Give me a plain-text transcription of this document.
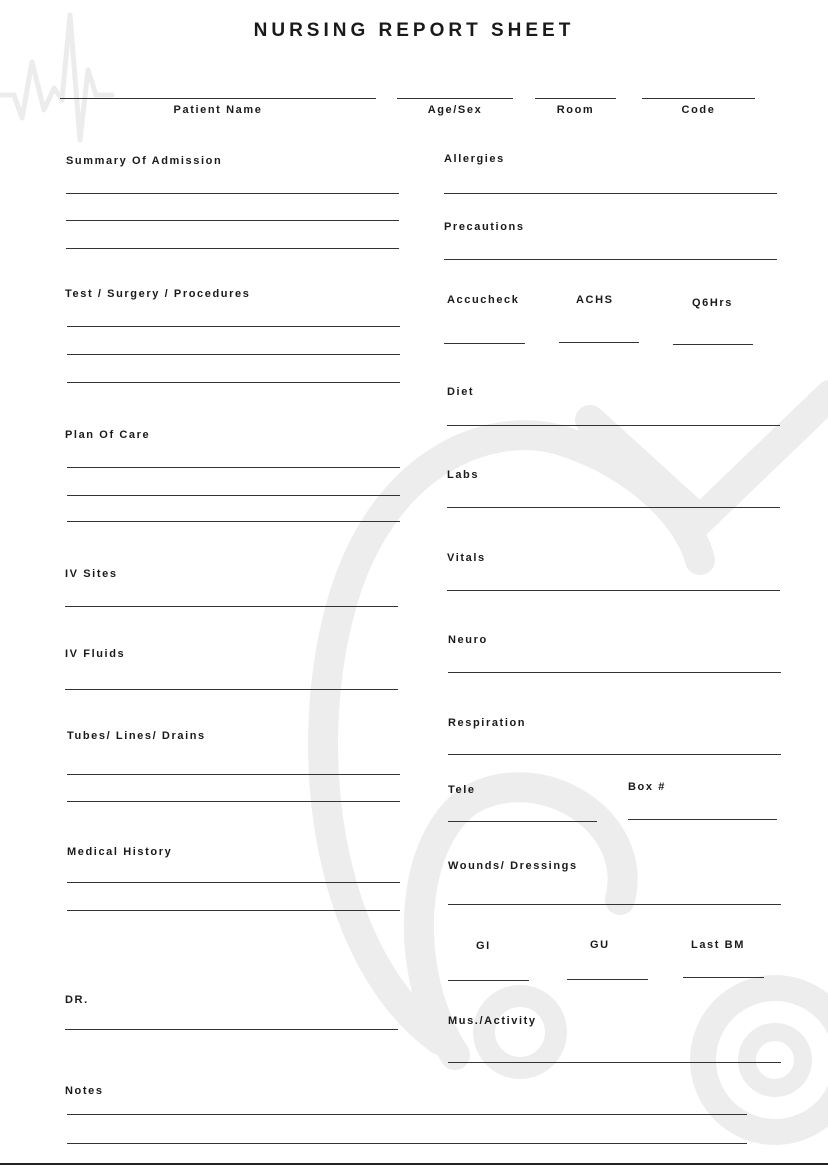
NURSING REPORT SHEET
Patient Name	Age/Sex	Room	Code
Summary Of Admission
Test / Surgery / Procedures
Plan Of Care
IV Sites
IV Fluids
Tubes/ Lines/ Drains
Medical History
DR.
Allergies
Precautions
Accucheck	ACHS	Q6Hrs
Diet
Labs
Vitals
Neuro
Respiration
Tele	Box #
Wounds/ Dressings
GI	GU	Last BM
Mus./Activity
Notes
